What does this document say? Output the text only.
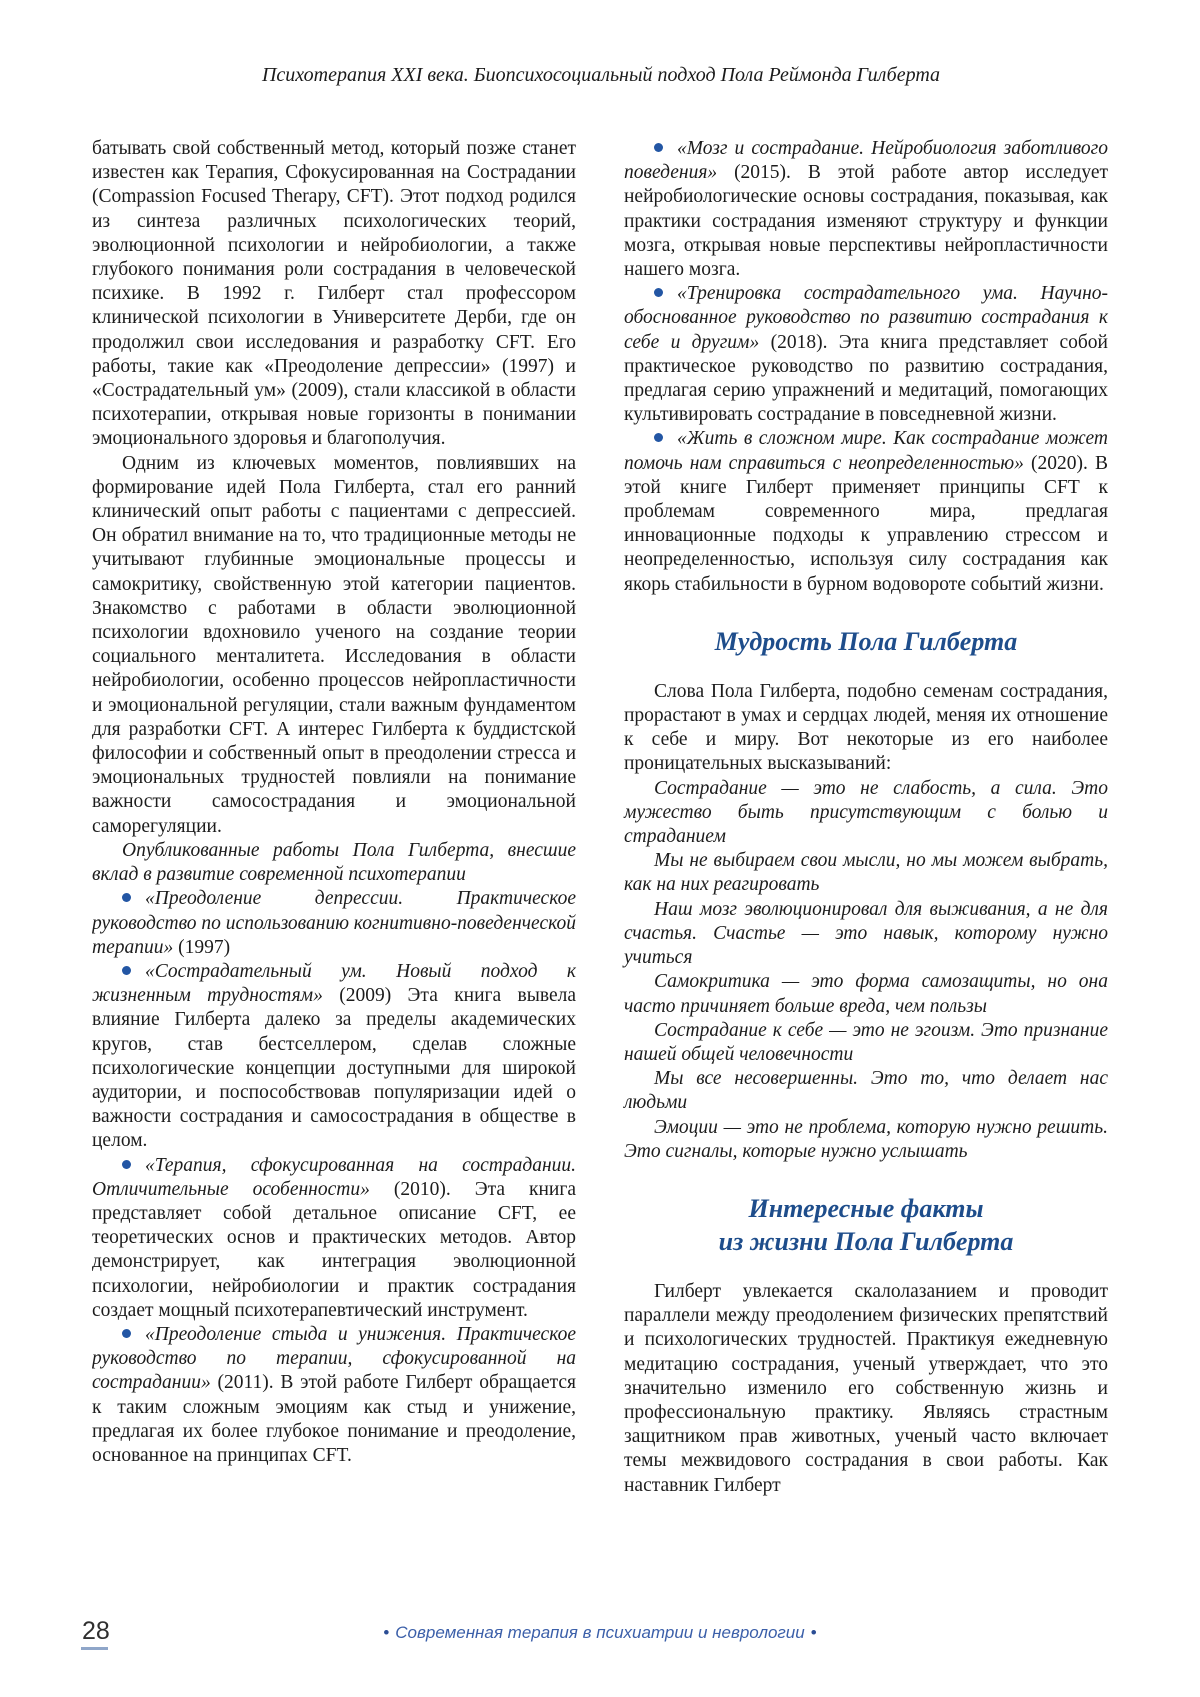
Психотерапия XXI века. Биопсихосоциальный подход Пола Реймонда Гилберта

батывать свой собственный метод, который позже станет известен как Терапия, Сфокусированная на Сострадании (Compassion Focused Therapy, CFT). Этот подход родился из синтеза различных психологических теорий, эволюционной психологии и нейробиологии, а также глубокого понимания роли сострадания в человеческой психике. В 1992 г. Гилберт стал профессором клинической психологии в Университете Дерби, где он продолжил свои исследования и разработку CFT. Его работы, такие как «Преодоление депрессии» (1997) и «Сострадательный ум» (2009), стали классикой в области психотерапии, открывая новые горизонты в понимании эмоционального здоровья и благополучия.

Одним из ключевых моментов, повлиявших на формирование идей Пола Гилберта, стал его ранний клинический опыт работы с пациентами с депрессией. Он обратил внимание на то, что традиционные методы не учитывают глубинные эмоциональные процессы и самокритику, свойственную этой категории пациентов. Знакомство с работами в области эволюционной психологии вдохновило ученого на создание теории социального менталитета. Исследования в области нейробиологии, особенно процессов нейропластичности и эмоциональной регуляции, стали важным фундаментом для разработки CFT. А интерес Гилберта к буддистской философии и собственный опыт в преодолении стресса и эмоциональных трудностей повлияли на понимание важности самосострадания и эмоциональной саморегуляции.

Опубликованные работы Пола Гилберта, внесшие вклад в развитие современной психотерапии

«Преодоление депрессии. Практическое руководство по использованию когнитивно-поведенческой терапии» (1997)

«Сострадательный ум. Новый подход к жизненным трудностям» (2009) Эта книга вывела влияние Гилберта далеко за пределы академических кругов, став бестселлером, сделав сложные психологические концепции доступными для широкой аудитории, и поспособствовав популяризации идей о важности сострадания и самосострадания в обществе в целом.

«Терапия, сфокусированная на сострадании. Отличительные особенности» (2010). Эта книга представляет собой детальное описание CFT, ее теоретических основ и практических методов. Автор демонстрирует, как интеграция эволюционной психологии, нейробиологии и практик сострадания создает мощный психотерапевтический инструмент.

«Преодоление стыда и унижения. Практическое руководство по терапии, сфокусированной на сострадании» (2011). В этой работе Гилберт обращается к таким сложным эмоциям как стыд и унижение, предлагая их более глубокое понимание и преодоление, основанное на принципах CFT.

«Мозг и сострадание. Нейробиология заботливого поведения» (2015). В этой работе автор исследует нейробиологические основы сострадания, показывая, как практики сострадания изменяют структуру и функции мозга, открывая новые перспективы нейропластичности нашего мозга.

«Тренировка сострадательного ума. Научно-обоснованное руководство по развитию сострадания к себе и другим» (2018). Эта книга представляет собой практическое руководство по развитию сострадания, предлагая серию упражнений и медитаций, помогающих культивировать сострадание в повседневной жизни.

«Жить в сложном мире. Как сострадание может помочь нам справиться с неопределенностью» (2020). В этой книге Гилберт применяет принципы CFT к проблемам современного мира, предлагая инновационные подходы к управлению стрессом и неопределенностью, используя силу сострадания как якорь стабильности в бурном водовороте событий жизни.

Мудрость Пола Гилберта

Слова Пола Гилберта, подобно семенам сострадания, прорастают в умах и сердцах людей, меняя их отношение к себе и миру. Вот некоторые из его наиболее проницательных высказываний:

Сострадание — это не слабость, а сила. Это мужество быть присутствующим с болью и страданием

Мы не выбираем свои мысли, но мы можем выбрать, как на них реагировать

Наш мозг эволюционировал для выживания, а не для счастья. Счастье — это навык, которому нужно учиться

Самокритика — это форма самозащиты, но она часто причиняет больше вреда, чем пользы

Сострадание к себе — это не эгоизм. Это признание нашей общей человечности

Мы все несовершенны. Это то, что делает нас людьми

Эмоции — это не проблема, которую нужно решить. Это сигналы, которые нужно услышать

Интересные факты
из жизни Пола Гилберта

Гилберт увлекается скалолазанием и проводит параллели между преодолением физических препятствий и психологических трудностей. Практикуя ежедневную медитацию сострадания, ученый утверждает, что это значительно изменило его собственную жизнь и профессиональную практику. Являясь страстным защитником прав животных, ученый часто включает темы межвидового сострадания в свои работы. Как наставник Гилберт

28	• Современная терапия в психиатрии и неврологии •
